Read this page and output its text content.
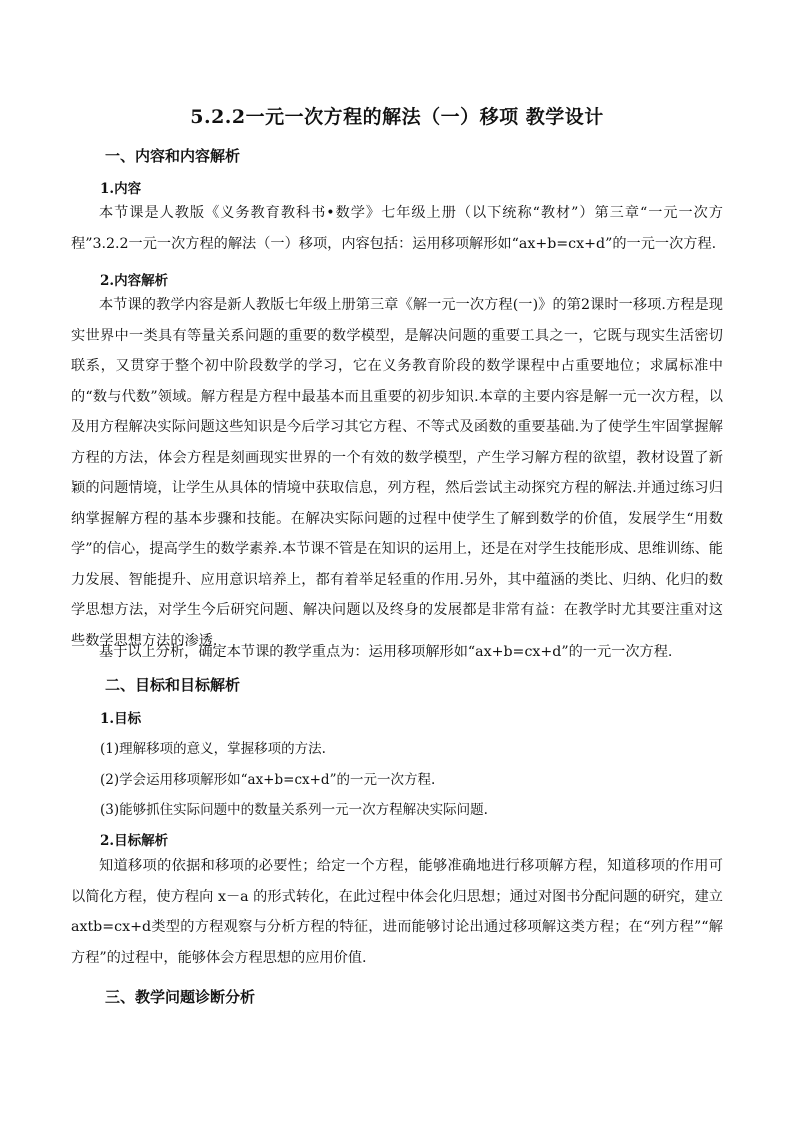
5.2.2一元一次方程的解法（一）移项 教学设计
一、内容和内容解析
1.内容
本节课是人教版《义务教育教科书•数学》七年级上册（以下统称“教材”）第三章“一元一次方程”3.2.2一元一次方程的解法（一）移项，内容包括：运用移项解形如“ax+b=cx+d”的一元一次方程.
2.内容解析
本节课的教学内容是新人教版七年级上册第三章《解一元一次方程(一)》的第2课时一移项.方程是现实世界中一类具有等量关系问题的重要的数学模型，是解决问题的重要工具之一，它既与现实生活密切联系，又贯穿于整个初中阶段数学的学习，它在义务教育阶段的数学课程中占重要地位；求属标准中的“数与代数”领域。解方程是方程中最基本而且重要的初步知识.本章的主要内容是解一元一次方程，以及用方程解决实际问题这些知识是今后学习其它方程、不等式及函数的重要基础.为了使学生牢固掌握解方程的方法，体会方程是刻画现实世界的一个有效的数学模型，产生学习解方程的欲望，教材设置了新颖的问题情境，让学生从具体的情境中获取信息，列方程，然后尝试主动探究方程的解法.并通过练习归纳掌握解方程的基本步骤和技能。在解决实际问题的过程中使学生了解到数学的价值，发展学生“用数学”的信心，提高学生的数学素养.本节课不管是在知识的运用上，还是在对学生技能形成、思维训练、能力发展、智能提升、应用意识培养上，都有着举足轻重的作用.另外，其中蕴涵的类比、归纳、化归的数学思想方法，对学生今后研究问题、解决问题以及终身的发展都是非常有益：在教学时尤其要注重对这些数学思想方法的渗透.
基于以上分析，确定本节课的教学重点为：运用移项解形如“ax+b=cx+d”的一元一次方程.
二、目标和目标解析
1.目标
(1)理解移项的意义，掌握移项的方法.
(2)学会运用移项解形如“ax+b=cx+d”的一元一次方程.
(3)能够抓住实际问题中的数量关系列一元一次方程解决实际问题.
2.目标解析
知道移项的依据和移项的必要性；给定一个方程，能够准确地进行移项解方程，知道移项的作用可以简化方程，使方程向 x－a 的形式转化，在此过程中体会化归思想；通过对图书分配问题的研究，建立axtb=cx+d类型的方程观察与分析方程的特征，进而能够讨论出通过移项解这类方程；在“列方程”“解方程”的过程中，能够体会方程思想的应用价值.
三、教学问题诊断分析
